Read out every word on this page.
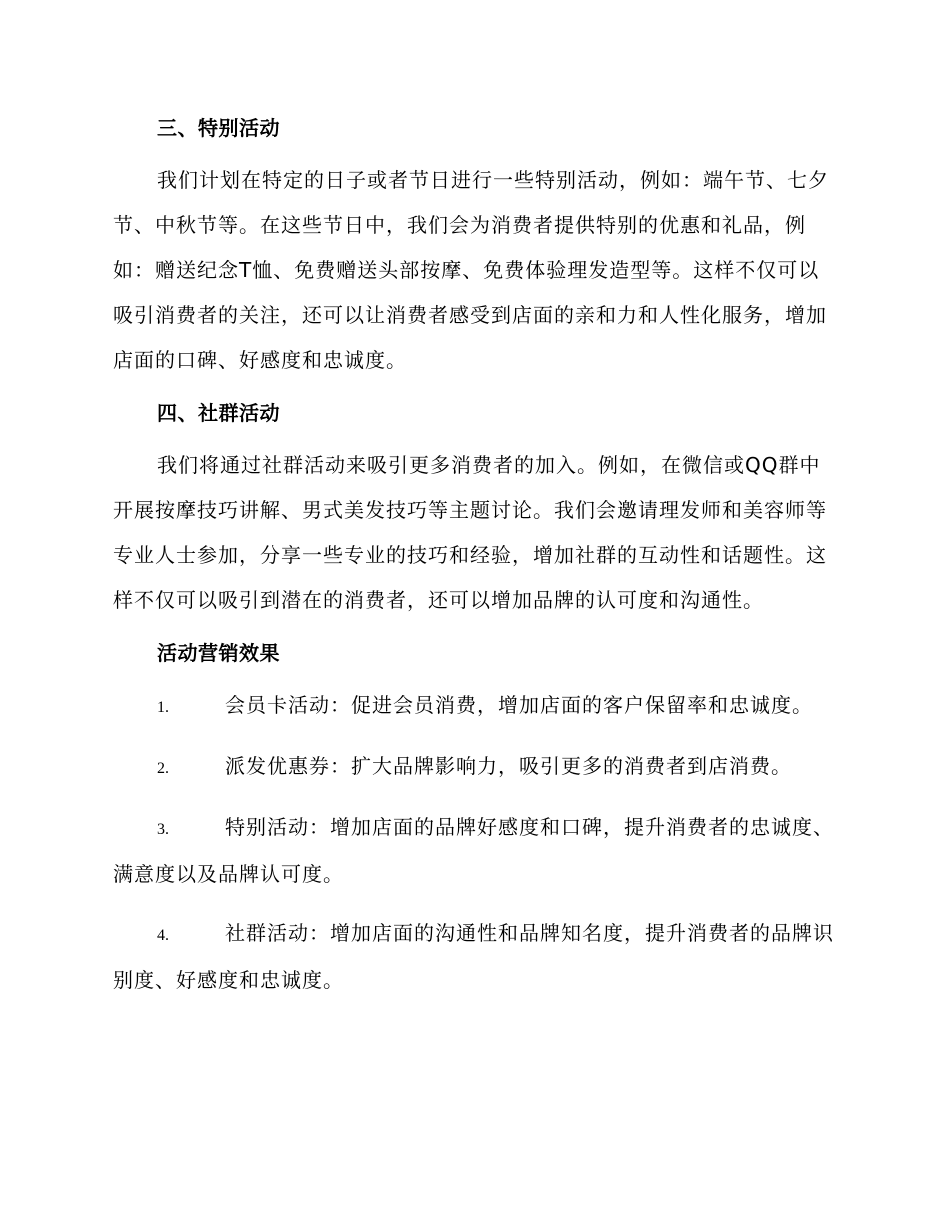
三、特别活动

我们计划在特定的日子或者节日进行一些特别活动，例如：端午节、七夕节、中秋节等。在这些节日中，我们会为消费者提供特别的优惠和礼品，例如：赠送纪念T恤、免费赠送头部按摩、免费体验理发造型等。这样不仅可以吸引消费者的关注，还可以让消费者感受到店面的亲和力和人性化服务，增加店面的口碑、好感度和忠诚度。

四、社群活动

我们将通过社群活动来吸引更多消费者的加入。例如，在微信或QQ群中开展按摩技巧讲解、男式美发技巧等主题讨论。我们会邀请理发师和美容师等专业人士参加，分享一些专业的技巧和经验，增加社群的互动性和话题性。这样不仅可以吸引到潜在的消费者，还可以增加品牌的认可度和沟通性。

活动营销效果

1.	会员卡活动：促进会员消费，增加店面的客户保留率和忠诚度。

2.	派发优惠券：扩大品牌影响力，吸引更多的消费者到店消费。

3.	特别活动：增加店面的品牌好感度和口碑，提升消费者的忠诚度、满意度以及品牌认可度。

4.	社群活动：增加店面的沟通性和品牌知名度，提升消费者的品牌识别度、好感度和忠诚度。
